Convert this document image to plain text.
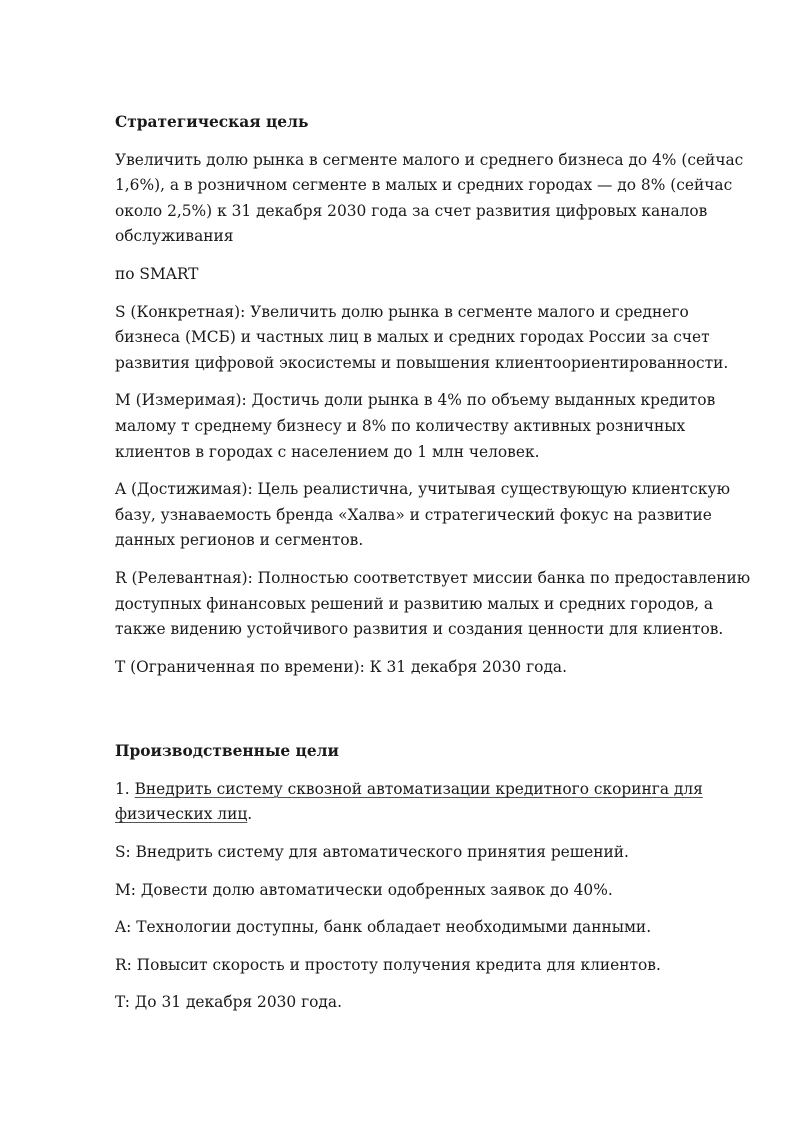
Стратегическая цель

Увеличить долю рынка в сегменте малого и среднего бизнеса до 4% (сейчас 1,6%), а в розничном сегменте в малых и средних городах — до 8% (сейчас около 2,5%) к 31 декабря 2030 года за счет развития цифровых каналов обслуживания

по SMART

S (Конкретная): Увеличить долю рынка в сегменте малого и среднего бизнеса (МСБ) и частных лиц в малых и средних городах России за счет развития цифровой экосистемы и повышения клиентоориентированности.

M (Измеримая): Достичь доли рынка в 4% по объему выданных кредитов малому т среднему бизнесу и 8% по количеству активных розничных клиентов в городах с населением до 1 млн человек.

A (Достижимая): Цель реалистична, учитывая существующую клиентскую базу, узнаваемость бренда «Халва» и стратегический фокус на развитие данных регионов и сегментов.

R (Релевантная): Полностью соответствует миссии банка по предоставлению доступных финансовых решений и развитию малых и средних городов, а также видению устойчивого развития и создания ценности для клиентов.

T (Ограниченная по времени): К 31 декабря 2030 года.

Производственные цели

1. Внедрить систему сквозной автоматизации кредитного скоринга для физических лиц.

S: Внедрить систему для автоматического принятия решений.

M: Довести долю автоматически одобренных заявок до 40%.

A: Технологии доступны, банк обладает необходимыми данными.

R: Повысит скорость и простоту получения кредита для клиентов.

T: До 31 декабря 2030 года.
